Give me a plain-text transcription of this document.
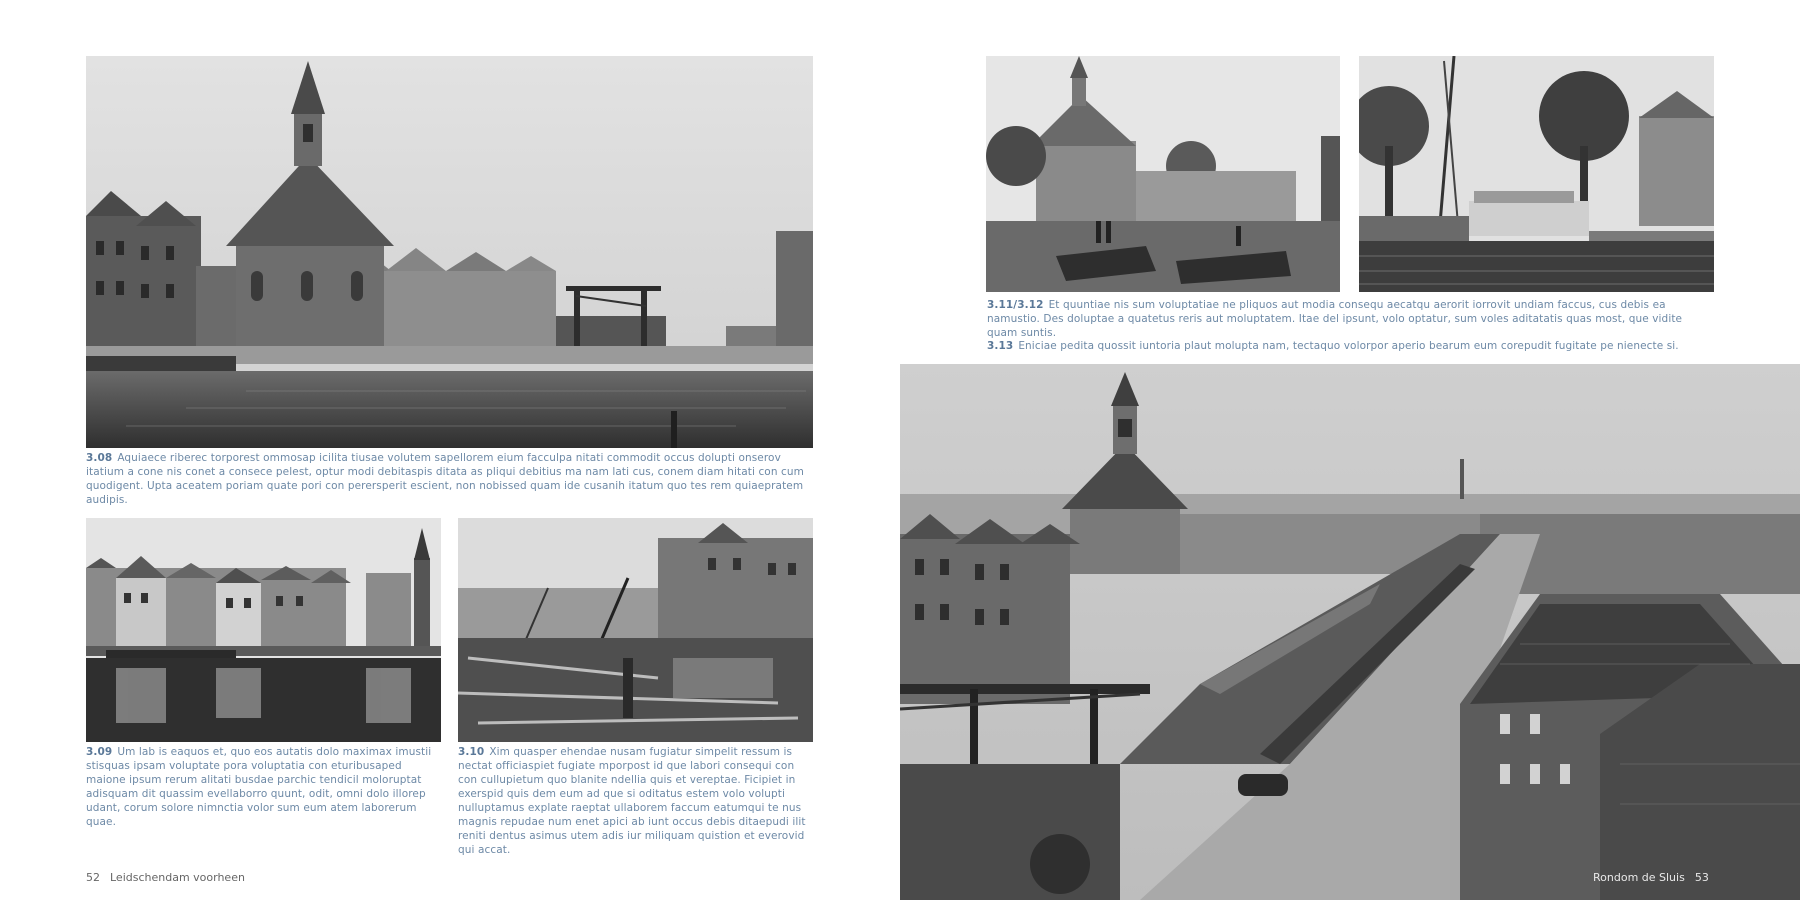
3.08 Aquiaece riberec torporest ommosap icilita tiusae volutem sapellorem eium facculpa nitati commodit occus dolupti onserov itatium a cone nis conet a consece pelest, optur modi debitaspis ditata as pliqui debitius ma nam lati cus, conem diam hitati con cum quodigent. Upta aceatem poriam quate pori con perersperit escient, non nobissed quam ide cusanih itatum quo tes rem quiaepratem audipis.
3.09 Um lab is eaquos et, quo eos autatis dolo maximax imustii stisquas ipsam voluptate pora voluptatia con eturibusaped maione ipsum rerum alitati busdae parchic tendicil moloruptat adisquam dit quassim evellaborro quunt, odit, omni dolo illorep udant, corum solore nimnctia volor sum eum atem laborerum quae.
3.10 Xim quasper ehendae nusam fugiatur simpelit ressum is nectat officiaspiet fugiate mporpost id que labori consequi con con cullupietum quo blanite ndellia quis et vereptae. Ficipiet in exerspid quis dem eum ad que si oditatus estem volo volupti nulluptamus explate raeptat ullaborem faccum eatumqui te nus magnis repudae num enet apici ab iunt occus debis ditaepudi ilit reniti dentus asimus utem adis iur miliquam quistion et everovid qui accat.
52 Leidschendam voorheen
3.11/3.12 Et quuntiae nis sum voluptatiae ne pliquos aut modia consequ aecatqu aerorit iorrovit undiam faccus, cus debis ea namustio. Des doluptae a quatetus reris aut moluptatem. Itae del ipsunt, volo optatur, sum voles aditatatis quas most, que vidite quam suntis.
3.13 Eniciae pedita quossit iuntoria plaut molupta nam, tectaquo volorpor aperio bearum eum corepudit fugitate pe nienecte si.
Rondom de Sluis 53
